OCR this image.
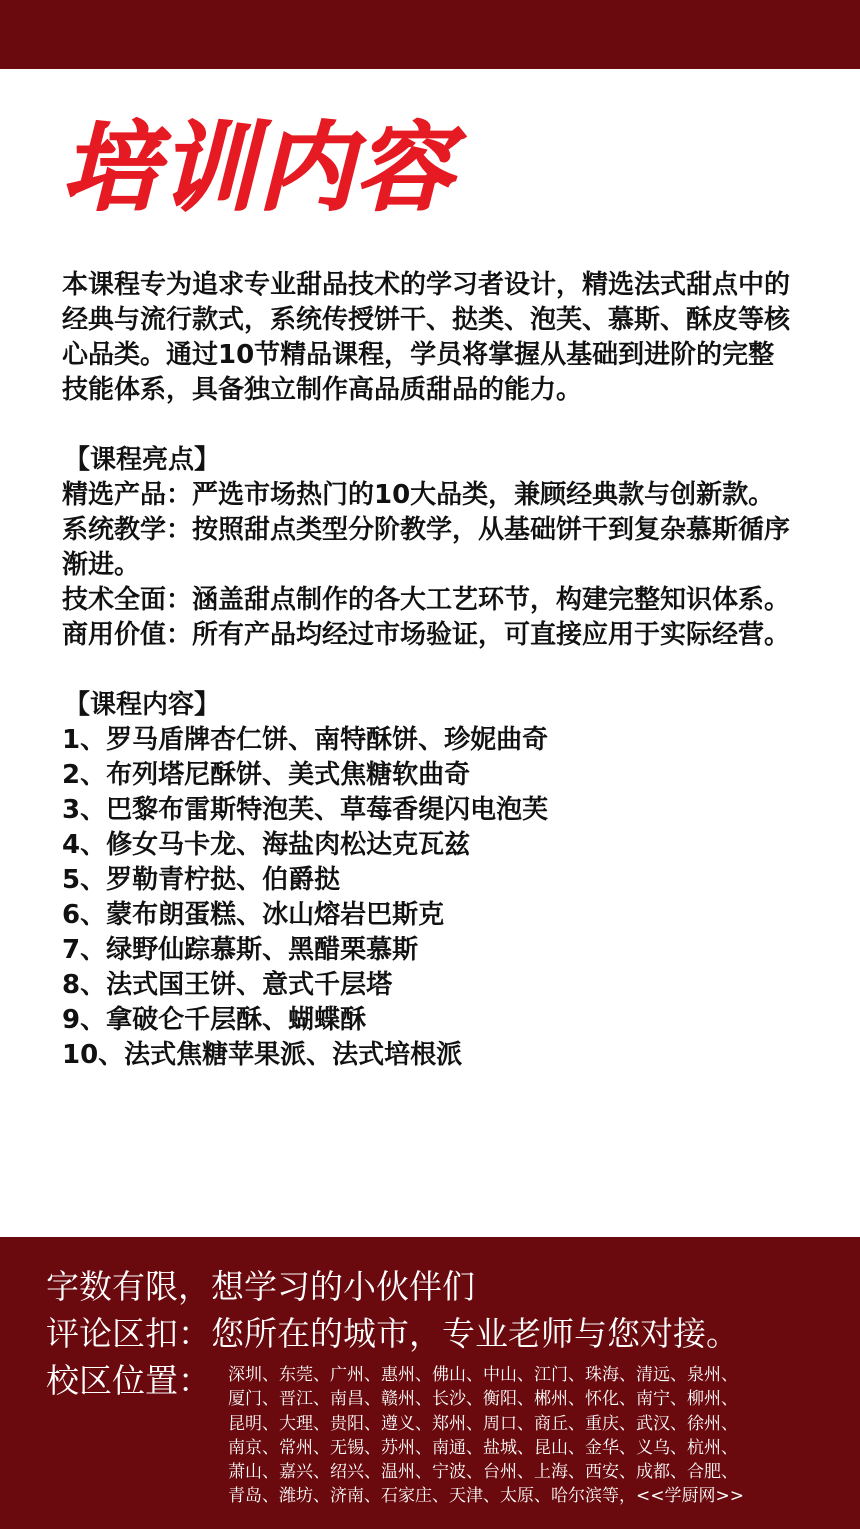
培训内容

本课程专为追求专业甜品技术的学习者设计，精选法式甜点中的经典与流行款式，系统传授饼干、挞类、泡芙、慕斯、酥皮等核心品类。通过10节精品课程，学员将掌握从基础到进阶的完整技能体系，具备独立制作高品质甜品的能力。

【课程亮点】

精选产品：严选市场热门的10大品类，兼顾经典款与创新款。

系统教学：按照甜点类型分阶教学，从基础饼干到复杂慕斯循序渐进。

技术全面：涵盖甜点制作的各大工艺环节，构建完整知识体系。

商用价值：所有产品均经过市场验证，可直接应用于实际经营。

【课程内容】

1、罗马盾牌杏仁饼、南特酥饼、珍妮曲奇

2、布列塔尼酥饼、美式焦糖软曲奇

3、巴黎布雷斯特泡芙、草莓香缇闪电泡芙

4、修女马卡龙、海盐肉松达克瓦兹

5、罗勒青柠挞、伯爵挞

6、蒙布朗蛋糕、冰山熔岩巴斯克

7、绿野仙踪慕斯、黑醋栗慕斯

8、法式国王饼、意式千层塔

9、拿破仑千层酥、蝴蝶酥

10、法式焦糖苹果派、法式培根派

字数有限，想学习的小伙伴们
评论区扣：您所在的城市，专业老师与您对接。
校区位置： 深圳、东莞、广州、惠州、佛山、中山、江门、珠海、清远、泉州、
厦门、晋江、南昌、赣州、长沙、衡阳、郴州、怀化、南宁、柳州、
昆明、大理、贵阳、遵义、郑州、周口、商丘、重庆、武汉、徐州、
南京、常州、无锡、苏州、南通、盐城、昆山、金华、义乌、杭州、
萧山、嘉兴、绍兴、温州、宁波、台州、上海、西安、成都、合肥、
青岛、潍坊、济南、石家庄、天津、太原、哈尔滨等，<<学厨网>>
